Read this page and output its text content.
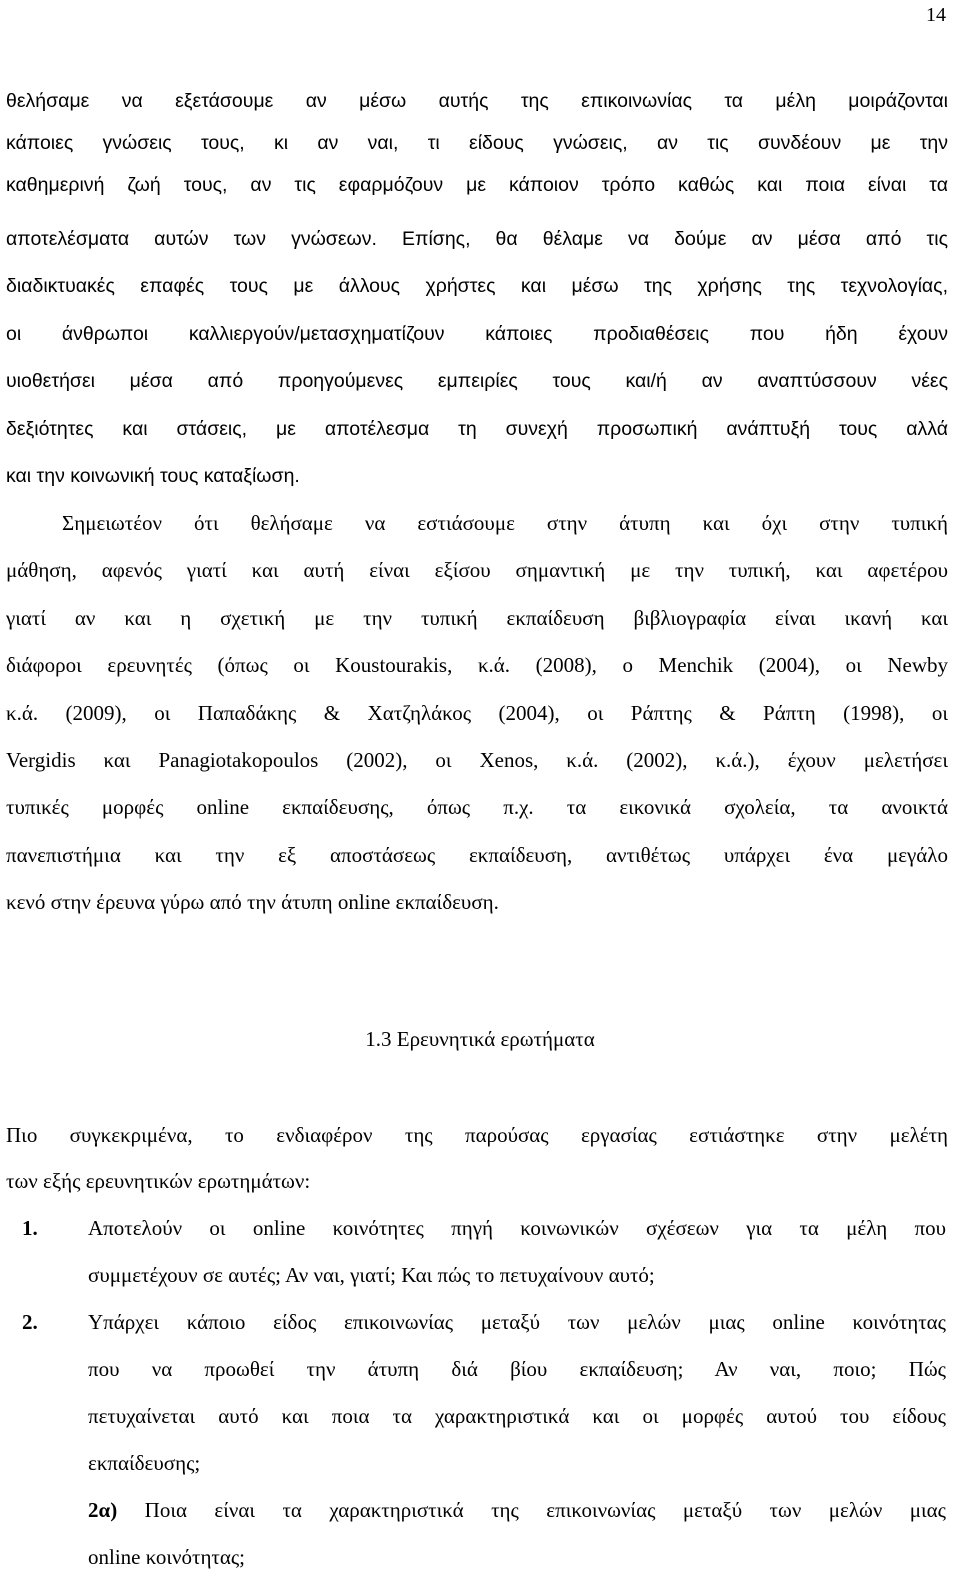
14
θελήσαμε να εξετάσουμε αν μέσω αυτής της επικοινωνίας τα μέλη μοιράζονται
κάποιες γνώσεις τους, κι αν ναι, τι είδους γνώσεις, αν τις συνδέουν με την
καθημερινή ζωή τους, αν τις εφαρμόζουν με κάποιον τρόπο καθώς και ποια είναι τα
αποτελέσματα αυτών των γνώσεων. Επίσης, θα θέλαμε να δούμε αν μέσα από τις
διαδικτυακές επαφές τους με άλλους χρήστες και μέσω της χρήσης της τεχνολογίας,
οι άνθρωποι καλλιεργούν/μετασχηματίζουν κάποιες προδιαθέσεις που ήδη έχουν
υιοθετήσει μέσα από προηγούμενες εμπειρίες τους και/ή αν αναπτύσσουν νέες
δεξιότητες και στάσεις, με αποτέλεσμα τη συνεχή προσωπική ανάπτυξή τους αλλά
και την κοινωνική τους καταξίωση.
Σημειωτέον ότι θελήσαμε να εστιάσουμε στην άτυπη και όχι στην τυπική
μάθηση, αφενός γιατί και αυτή είναι εξίσου σημαντική με την τυπική, και αφετέρου
γιατί αν και η σχετική με την τυπική εκπαίδευση βιβλιογραφία είναι ικανή και
διάφοροι ερευνητές (όπως οι Koustourakis, κ.ά. (2008), ο Menchik (2004), οι Newby
κ.ά. (2009), οι Παπαδάκης & Χατζηλάκος (2004), οι Ράπτης & Ράπτη (1998), οι
Vergidis και Panagiotakopoulos (2002), οι Xenos, κ.ά. (2002), κ.ά.), έχουν μελετήσει
τυπικές μορφές online εκπαίδευσης, όπως π.χ. τα εικονικά σχολεία, τα ανοικτά
πανεπιστήμια και την εξ αποστάσεως εκπαίδευση, αντιθέτως υπάρχει ένα μεγάλο
κενό στην έρευνα γύρω από την άτυπη online εκπαίδευση.
1.3 Ερευνητικά ερωτήματα
Πιο συγκεκριμένα, το ενδιαφέρον της παρούσας εργασίας εστιάστηκε στην μελέτη
των εξής ερευνητικών ερωτημάτων:
1. Αποτελούν οι online κοινότητες πηγή κοινωνικών σχέσεων για τα μέλη που
συμμετέχουν σε αυτές; Αν ναι, γιατί; Και πώς το πετυχαίνουν αυτό;
2. Υπάρχει κάποιο είδος επικοινωνίας μεταξύ των μελών μιας online κοινότητας
που να προωθεί την άτυπη διά βίου εκπαίδευση; Αν ναι, ποιο; Πώς
πετυχαίνεται αυτό και ποια τα χαρακτηριστικά και οι μορφές αυτού του είδους
εκπαίδευσης;
2α) Ποια είναι τα χαρακτηριστικά της επικοινωνίας μεταξύ των μελών μιας
online κοινότητας;
